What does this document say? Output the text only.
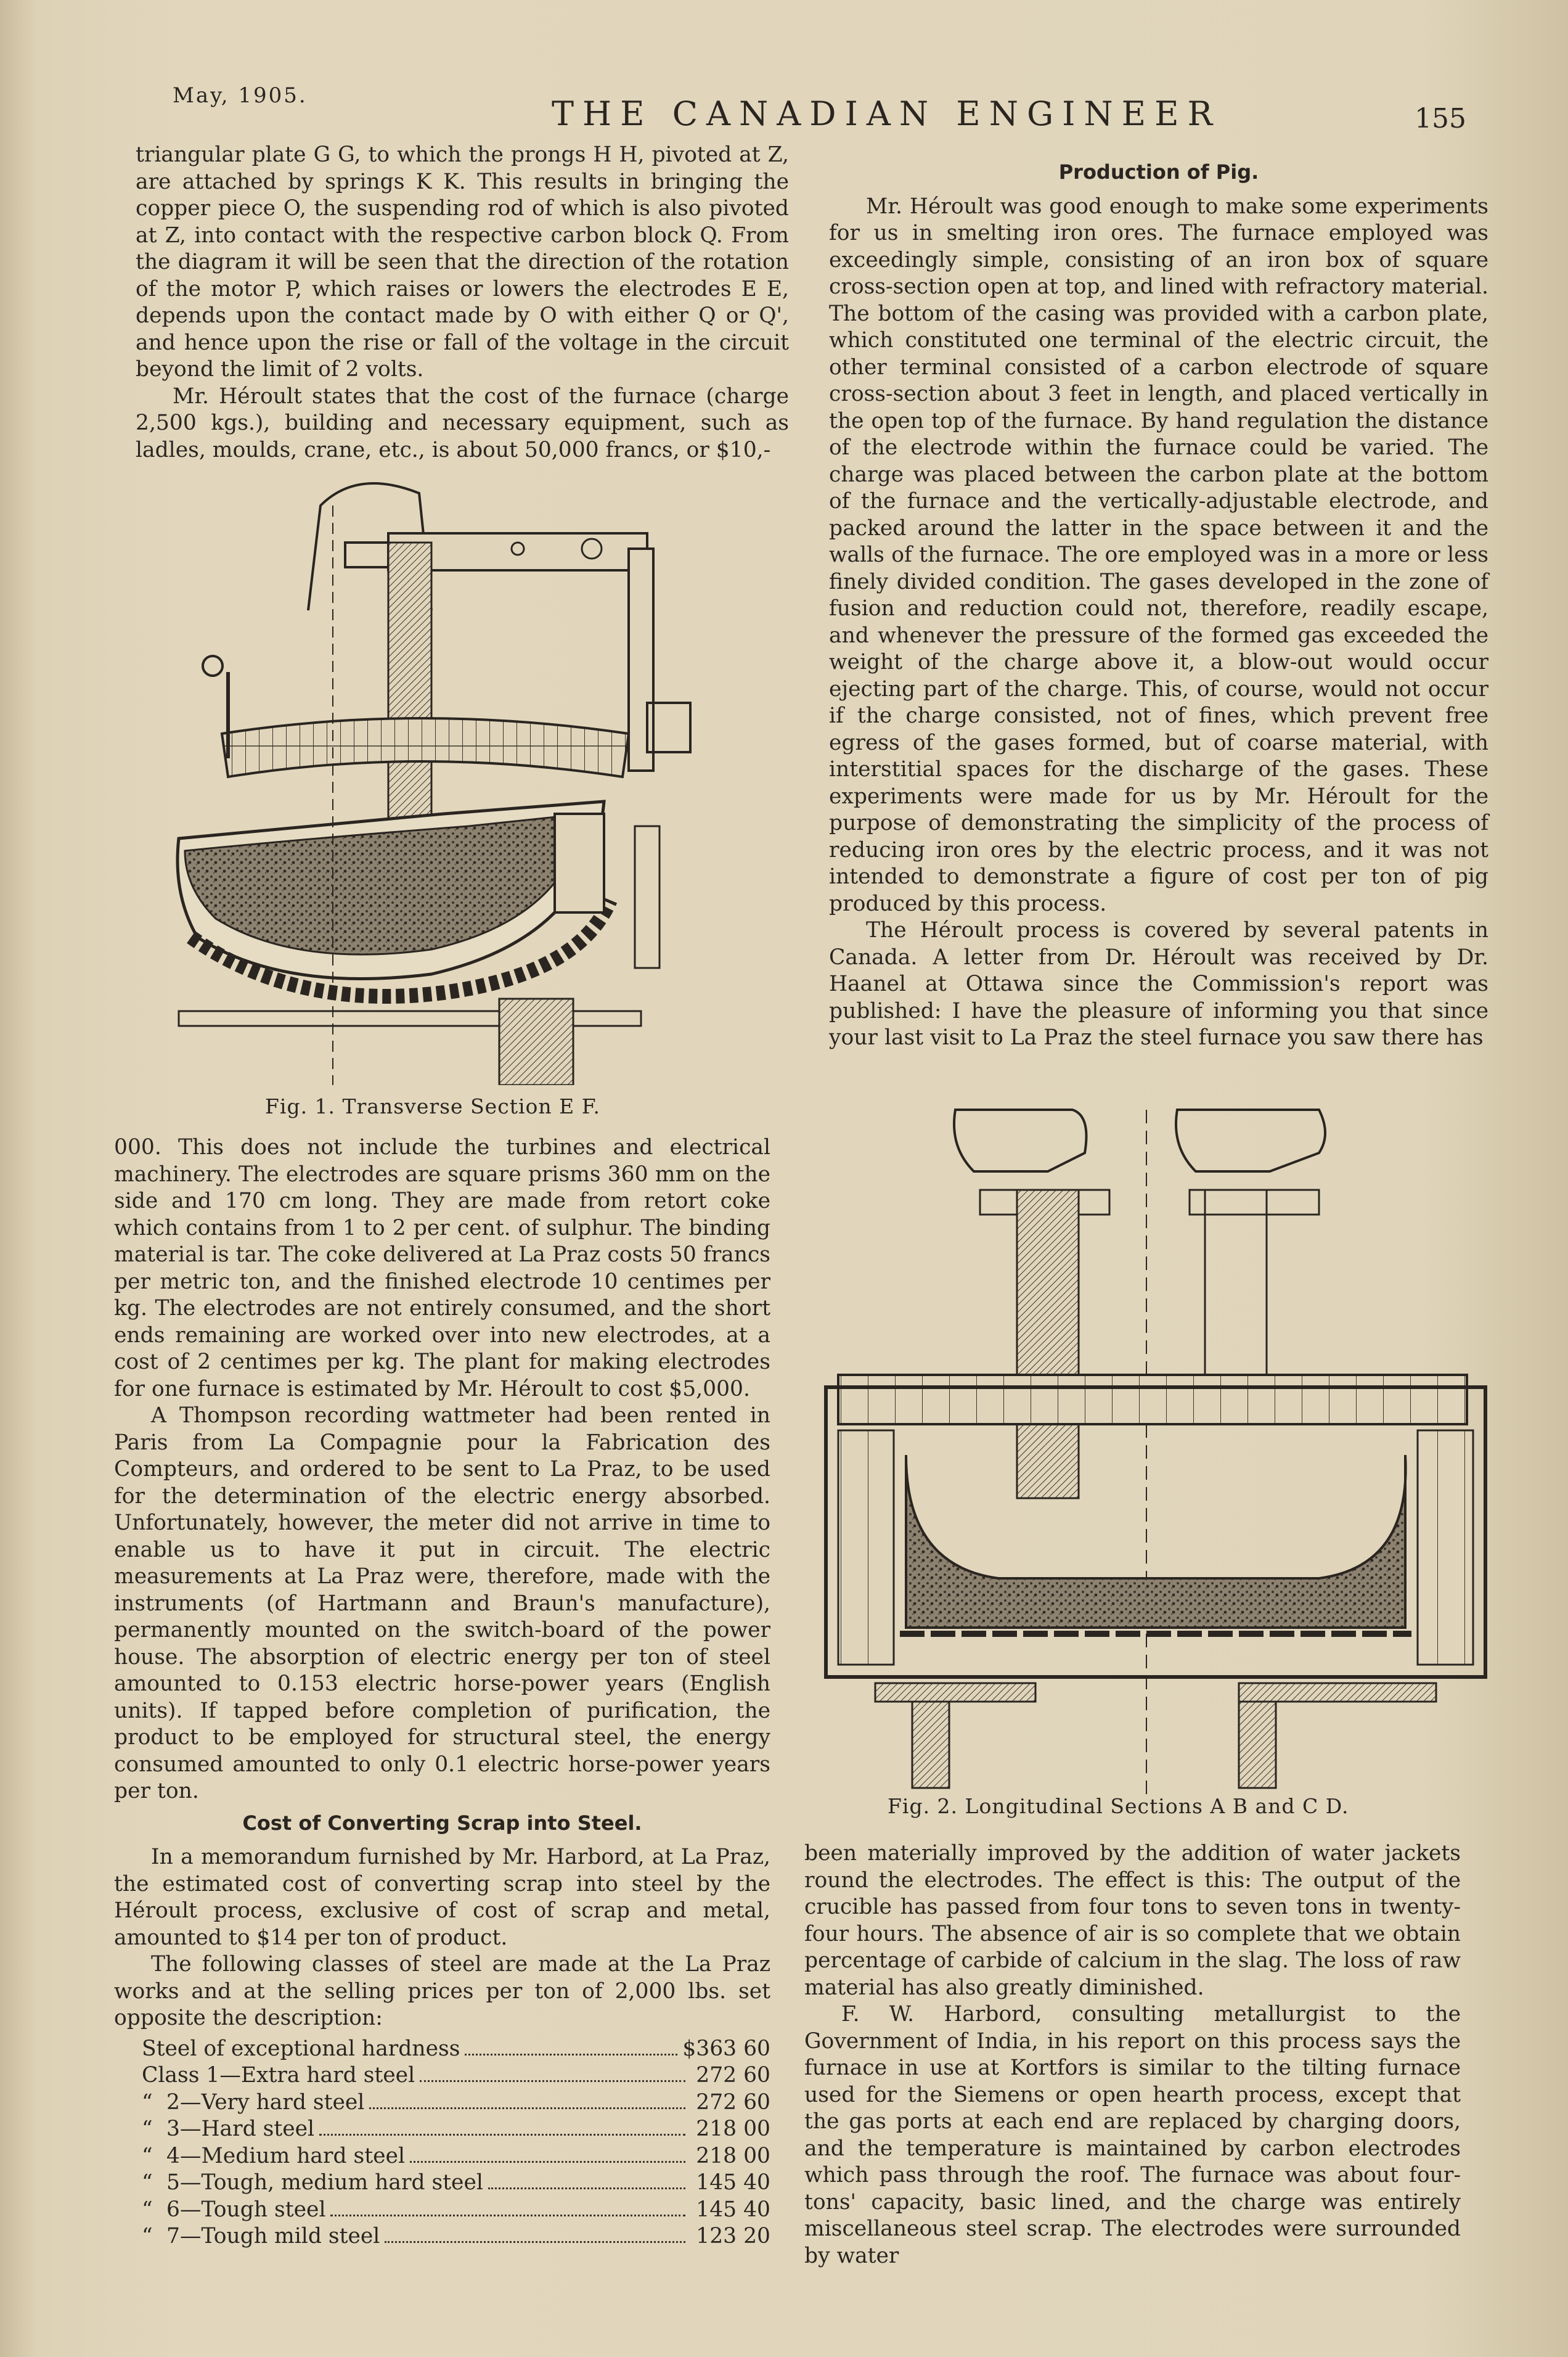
May, 1905.	THE CANADIAN ENGINEER	155

triangular plate G G, to which the prongs H H, pivoted at Z, are attached by springs K K. This results in bringing the copper piece O, the suspending rod of which is also pivoted at Z, into contact with the respective carbon block Q. From the diagram it will be seen that the direction of the rotation of the motor P, which raises or lowers the electrodes E E, depends upon the contact made by O with either Q or Q', and hence upon the rise or fall of the voltage in the circuit beyond the limit of 2 volts.

Mr. Héroult states that the cost of the furnace (charge 2,500 kgs.), building and necessary equipment, such as ladles, moulds, crane, etc., is about 50,000 francs, or $10,-

Fig. 1. Transverse Section E F.

000. This does not include the turbines and electrical machinery. The electrodes are square prisms 360 mm on the side and 170 cm long. They are made from retort coke which contains from 1 to 2 per cent. of sulphur. The binding material is tar. The coke delivered at La Praz costs 50 francs per metric ton, and the finished electrode 10 centimes per kg. The electrodes are not entirely consumed, and the short ends remaining are worked over into new electrodes, at a cost of 2 centimes per kg. The plant for making electrodes for one furnace is estimated by Mr. Héroult to cost $5,000.

A Thompson recording wattmeter had been rented in Paris from La Compagnie pour la Fabrication des Compteurs, and ordered to be sent to La Praz, to be used for the determination of the electric energy absorbed. Unfortunately, however, the meter did not arrive in time to enable us to have it put in circuit. The electric measurements at La Praz were, therefore, made with the instruments (of Hartmann and Braun's manufacture), permanently mounted on the switch-board of the power house. The absorption of electric energy per ton of steel amounted to 0.153 electric horse-power years (English units). If tapped before completion of purification, the product to be employed for structural steel, the energy consumed amounted to only 0.1 electric horse-power years per ton.

Cost of Converting Scrap into Steel.

In a memorandum furnished by Mr. Harbord, at La Praz, the estimated cost of converting scrap into steel by the Héroult process, exclusive of cost of scrap and metal, amounted to $14 per ton of product.

The following classes of steel are made at the La Praz works and at the selling prices per ton of 2,000 lbs. set opposite the description:

Steel of exceptional hardness	$363 60
Class 1—Extra hard steel	272 60
“ 2—Very hard steel	272 60
“ 3—Hard steel	218 00
“ 4—Medium hard steel	218 00
“ 5—Tough, medium hard steel	145 40
“ 6—Tough steel	145 40
“ 7—Tough mild steel	123 20
Production of Pig.

Mr. Héroult was good enough to make some experiments for us in smelting iron ores. The furnace employed was exceedingly simple, consisting of an iron box of square cross-section open at top, and lined with refractory material. The bottom of the casing was provided with a carbon plate, which constituted one terminal of the electric circuit, the other terminal consisted of a carbon electrode of square cross-section about 3 feet in length, and placed vertically in the open top of the furnace. By hand regulation the distance of the electrode within the furnace could be varied. The charge was placed between the carbon plate at the bottom of the furnace and the vertically-adjustable electrode, and packed around the latter in the space between it and the walls of the furnace. The ore employed was in a more or less finely divided condition. The gases developed in the zone of fusion and reduction could not, therefore, readily escape, and whenever the pressure of the formed gas exceeded the weight of the charge above it, a blow-out would occur ejecting part of the charge. This, of course, would not occur if the charge consisted, not of fines, which prevent free egress of the gases formed, but of coarse material, with interstitial spaces for the discharge of the gases. These experiments were made for us by Mr. Héroult for the purpose of demonstrating the simplicity of the process of reducing iron ores by the electric process, and it was not intended to demonstrate a figure of cost per ton of pig produced by this process.

The Héroult process is covered by several patents in Canada. A letter from Dr. Héroult was received by Dr. Haanel at Ottawa since the Commission's report was published: I have the pleasure of informing you that since your last visit to La Praz the steel furnace you saw there has

Fig. 2. Longitudinal Sections A B and C D.

been materially improved by the addition of water jackets round the electrodes. The effect is this: The output of the crucible has passed from four tons to seven tons in twenty-four hours. The absence of air is so complete that we obtain percentage of carbide of calcium in the slag. The loss of raw material has also greatly diminished.

F. W. Harbord, consulting metallurgist to the Government of India, in his report on this process says the furnace in use at Kortfors is similar to the tilting furnace used for the Siemens or open hearth process, except that the gas ports at each end are replaced by charging doors, and the temperature is maintained by carbon electrodes which pass through the roof. The furnace was about four-tons' capacity, basic lined, and the charge was entirely miscellaneous steel scrap. The electrodes were surrounded by water
